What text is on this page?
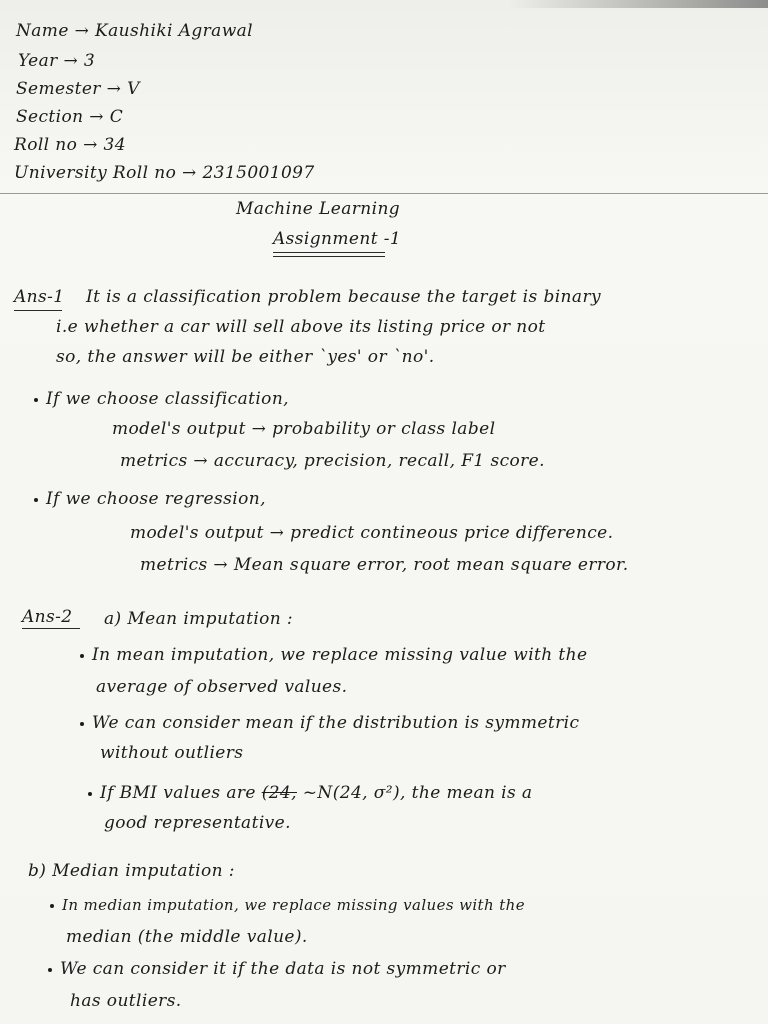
Name → Kaushiki Agrawal
Year → 3
Semester → V
Section → C
Roll no → 34
University Roll no → 2315001097
Machine Learning
Assignment -1
Ans-1 It is a classification problem because the target is binary
i.e whether a car will sell above its listing price or not
so, the answer will be either `yes' or `no'.
If we choose classification,
model's output → probability or class label
metrics → accuracy, precision, recall, F1 score.
If we choose regression,
model's output → predict contineous price difference.
metrics → Mean square error, root mean square error.
Ans-2 a) Mean imputation :
In mean imputation, we replace missing value with the
average of observed values.
We can consider mean if the distribution is symmetric
without outliers
If BMI values are (24, ~N(24, σ²), the mean is a
good representative.
b) Median imputation :
In median imputation, we replace missing values with the
median (the middle value).
We can consider it if the data is not symmetric or
has outliers.
